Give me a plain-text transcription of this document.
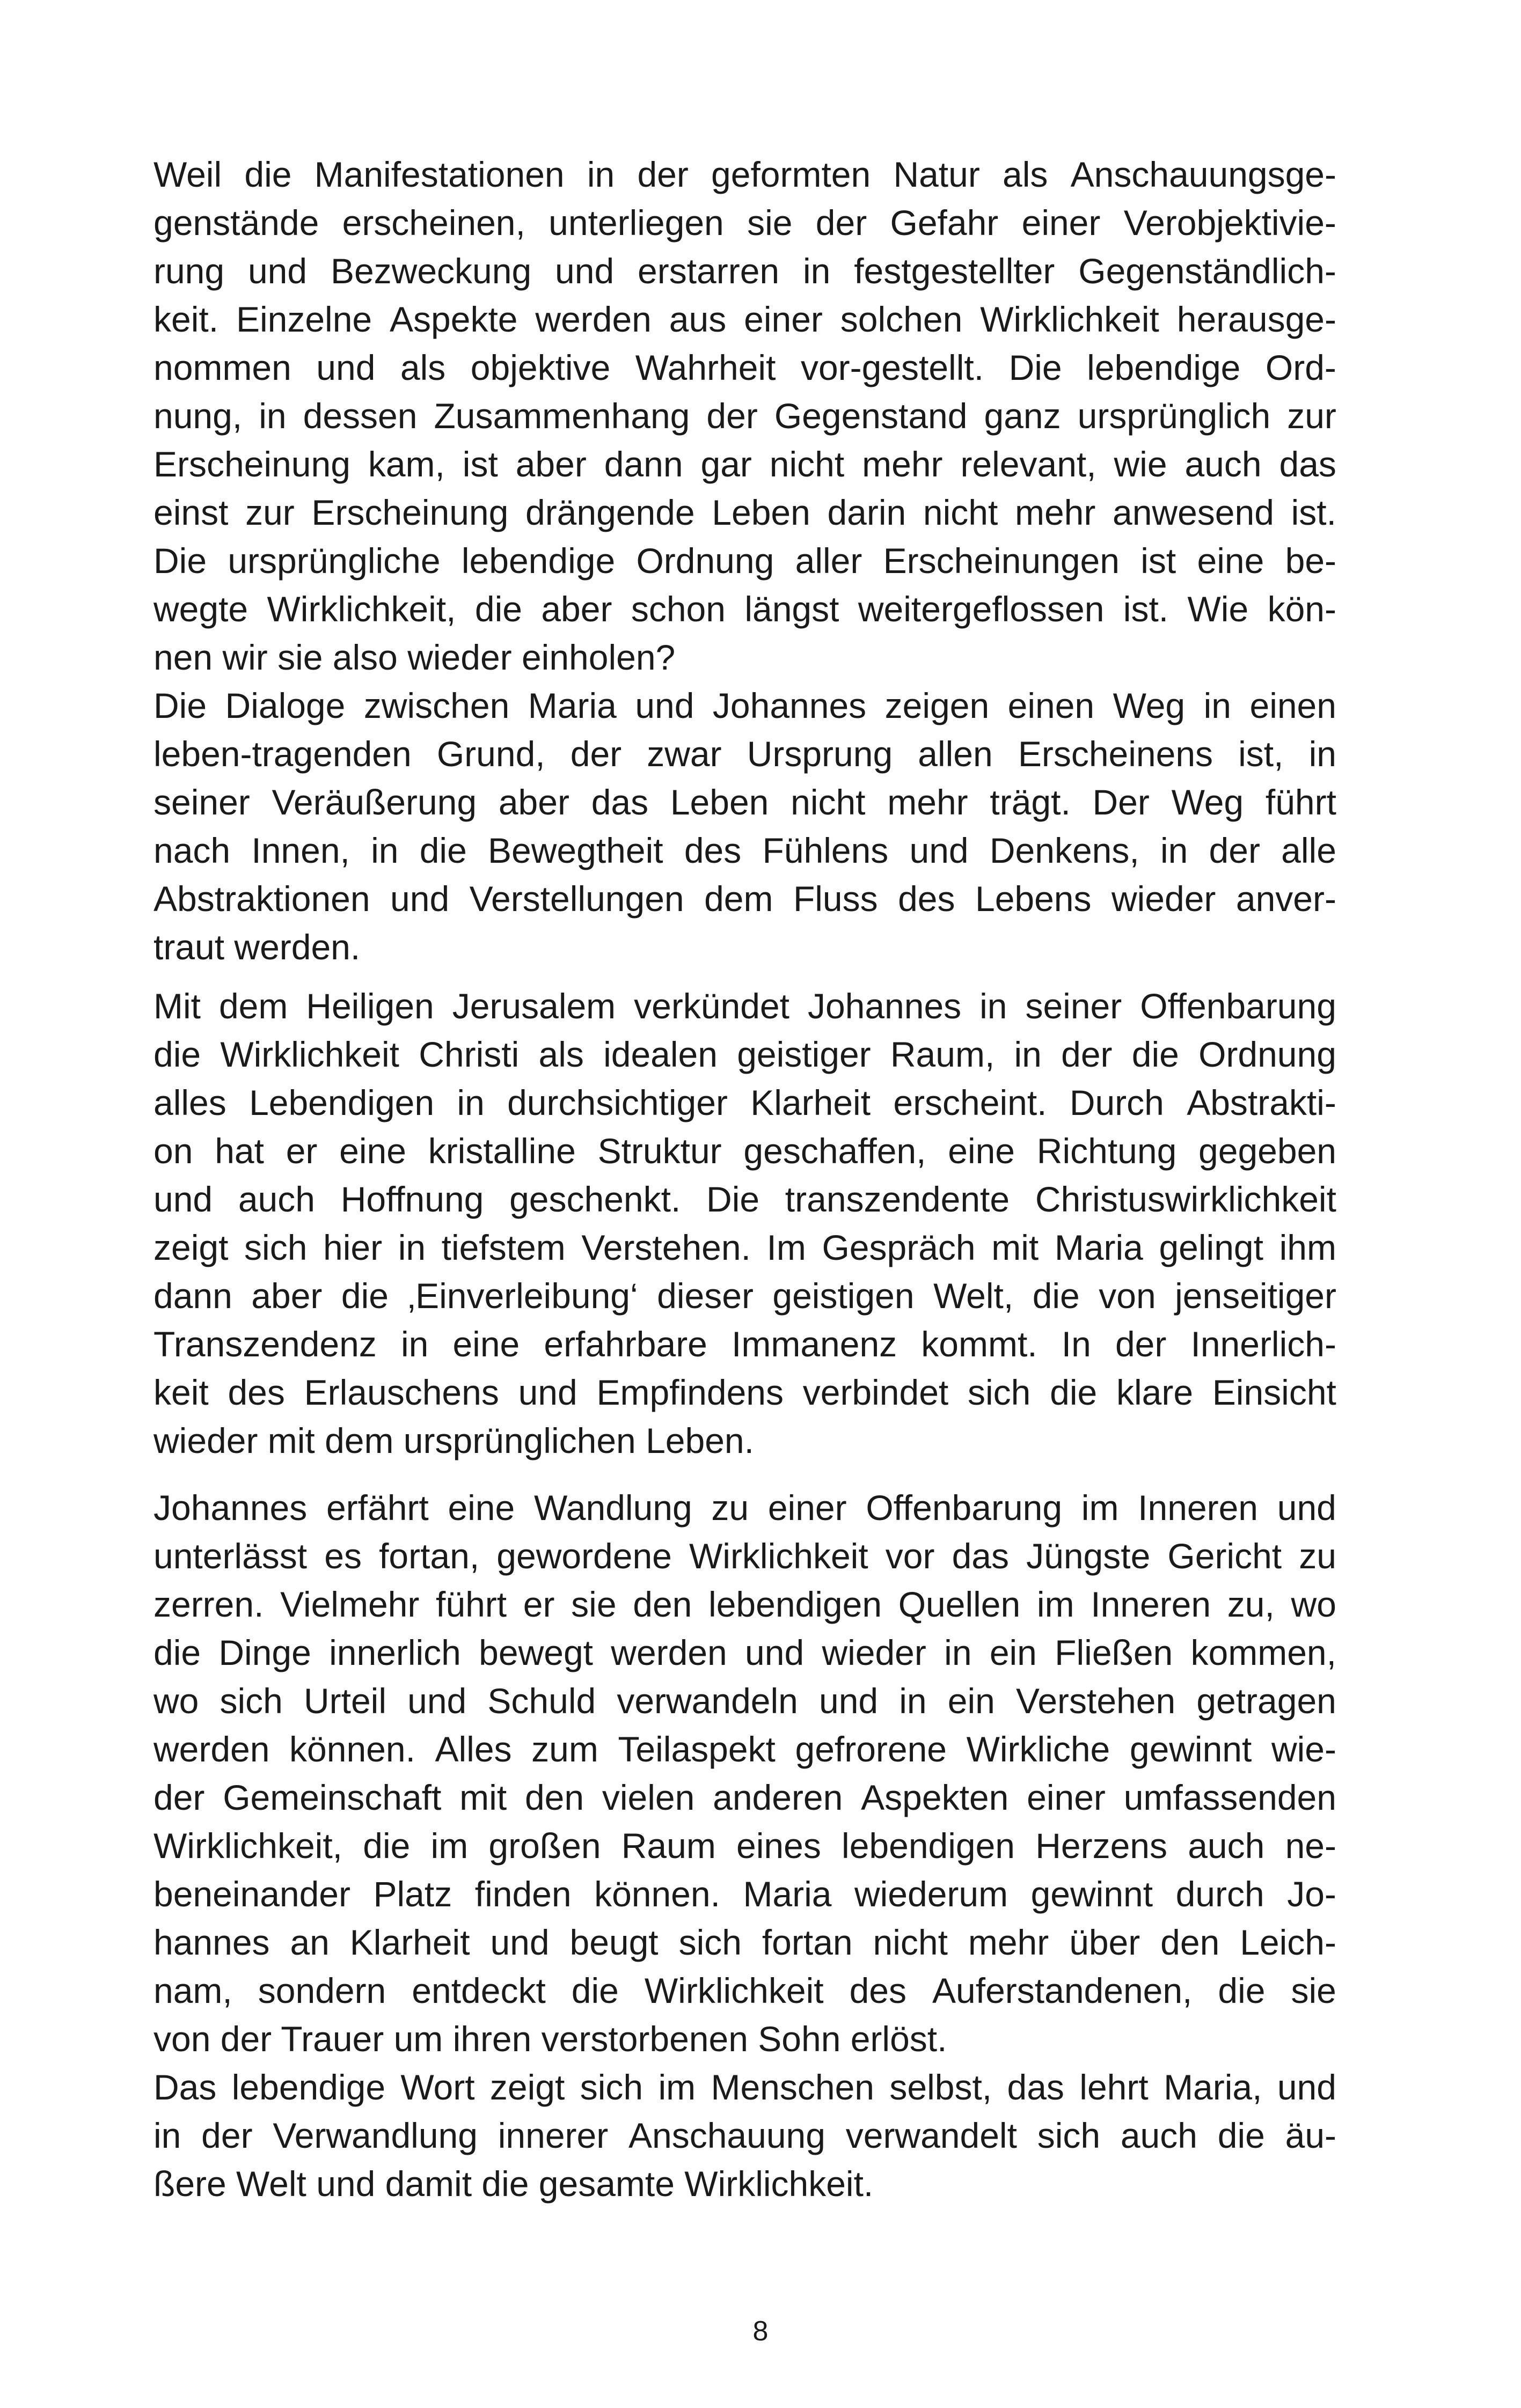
Weil die Manifestationen in der geformten Natur als Anschauungsge-
genstände erscheinen, unterliegen sie der Gefahr einer Verobjektivie-
rung und Bezweckung und erstarren in festgestellter Gegenständlich-
keit. Einzelne Aspekte werden aus einer solchen Wirklichkeit herausge-
nommen und als objektive Wahrheit vor-gestellt. Die lebendige Ord-
nung, in dessen Zusammenhang der Gegenstand ganz ursprünglich zur
Erscheinung kam, ist aber dann gar nicht mehr relevant, wie auch das
einst zur Erscheinung drängende Leben darin nicht mehr anwesend ist.
Die ursprüngliche lebendige Ordnung aller Erscheinungen ist eine be-
wegte Wirklichkeit, die aber schon längst weitergeflossen ist. Wie kön-
nen wir sie also wieder einholen?
Die Dialoge zwischen Maria und Johannes zeigen einen Weg in einen
leben-tragenden Grund, der zwar Ursprung allen Erscheinens ist, in
seiner Veräußerung aber das Leben nicht mehr trägt. Der Weg führt
nach Innen, in die Bewegtheit des Fühlens und Denkens, in der alle
Abstraktionen und Verstellungen dem Fluss des Lebens wieder anver-
traut werden.
Mit dem Heiligen Jerusalem verkündet Johannes in seiner Offenbarung
die Wirklichkeit Christi als idealen geistiger Raum, in der die Ordnung
alles Lebendigen in durchsichtiger Klarheit erscheint. Durch Abstrakti-
on hat er eine kristalline Struktur geschaffen, eine Richtung gegeben
und auch Hoffnung geschenkt. Die transzendente Christuswirklichkeit
zeigt sich hier in tiefstem Verstehen. Im Gespräch mit Maria gelingt ihm
dann aber die ‚Einverleibung‘ dieser geistigen Welt, die von jenseitiger
Transzendenz in eine erfahrbare Immanenz kommt. In der Innerlich-
keit des Erlauschens und Empfindens verbindet sich die klare Einsicht
wieder mit dem ursprünglichen Leben.
Johannes erfährt eine Wandlung zu einer Offenbarung im Inneren und
unterlässt es fortan, gewordene Wirklichkeit vor das Jüngste Gericht zu
zerren. Vielmehr führt er sie den lebendigen Quellen im Inneren zu, wo
die Dinge innerlich bewegt werden und wieder in ein Fließen kommen,
wo sich Urteil und Schuld verwandeln und in ein Verstehen getragen
werden können. Alles zum Teilaspekt gefrorene Wirkliche gewinnt wie-
der Gemeinschaft mit den vielen anderen Aspekten einer umfassenden
Wirklichkeit, die im großen Raum eines lebendigen Herzens auch ne-
beneinander Platz finden können. Maria wiederum gewinnt durch Jo-
hannes an Klarheit und beugt sich fortan nicht mehr über den Leich-
nam, sondern entdeckt die Wirklichkeit des Auferstandenen, die sie
von der Trauer um ihren verstorbenen Sohn erlöst.
Das lebendige Wort zeigt sich im Menschen selbst, das lehrt Maria, und
in der Verwandlung innerer Anschauung verwandelt sich auch die äu-
ßere Welt und damit die gesamte Wirklichkeit.
8
